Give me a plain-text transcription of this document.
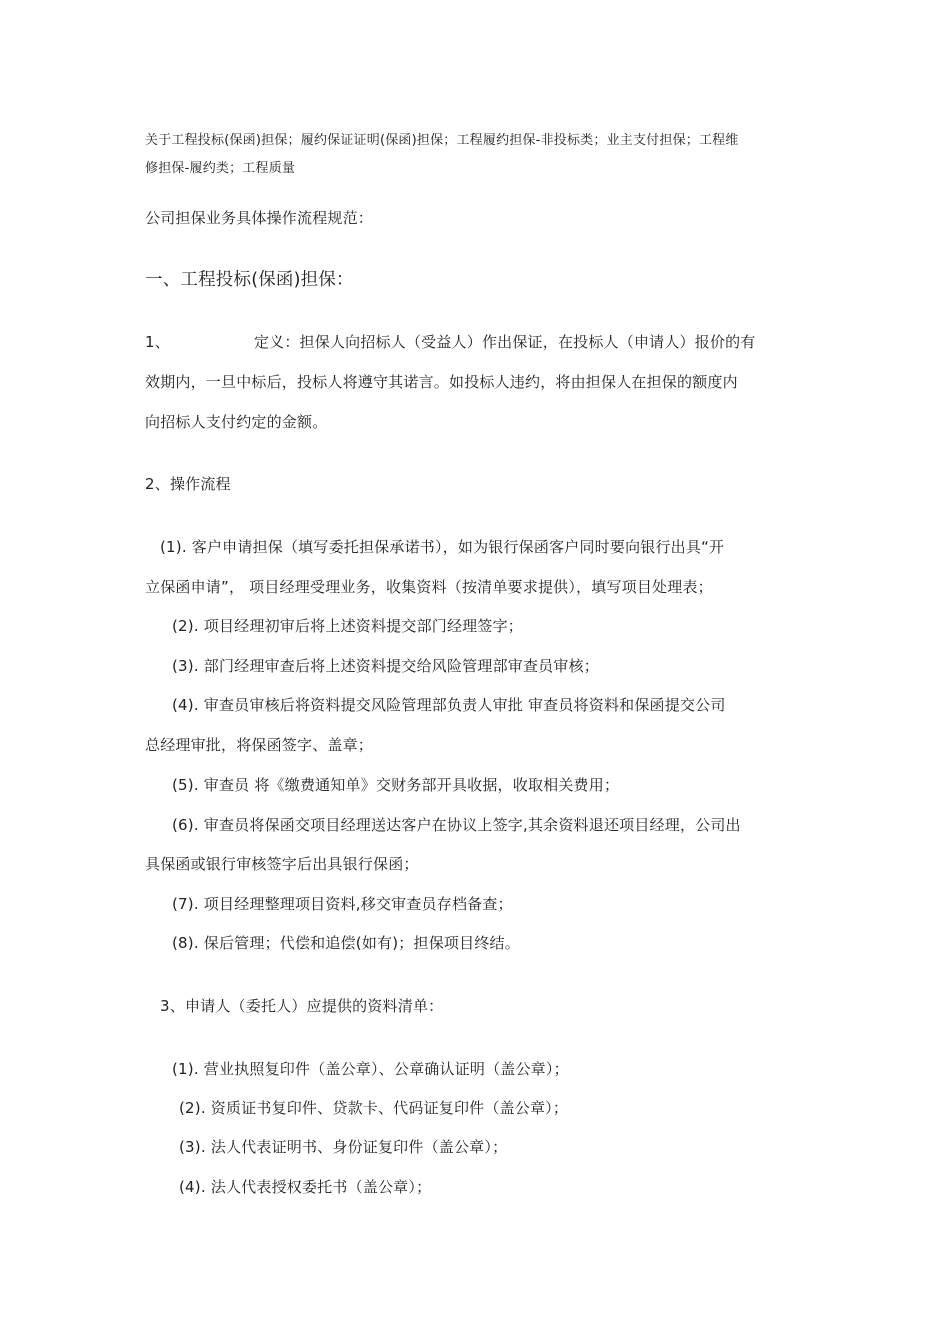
关于工程投标(保函)担保；履约保证证明(保函)担保；工程履约担保-非投标类；业主支付担保；工程维
修担保-履约类；工程质量
公司担保业务具体操作流程规范：
一、工程投标(保函)担保：
1、	定义：担保人向招标人（受益人）作出保证，在投标人（申请人）报价的有
效期内，一旦中标后，投标人将遵守其诺言。如投标人违约，将由担保人在担保的额度内
向招标人支付约定的金额。
2、操作流程
(1). 客户申请担保（填写委托担保承诺书），如为银行保函客户同时要向银行出具“开
立保函申请”， 项目经理受理业务，收集资料（按清单要求提供），填写项目处理表；
(2). 项目经理初审后将上述资料提交部门经理签字；
(3). 部门经理审查后将上述资料提交给风险管理部审查员审核；
(4). 审查员审核后将资料提交风险管理部负责人审批 审查员将资料和保函提交公司
总经理审批，将保函签字、盖章；
(5). 审查员 将《缴费通知单》交财务部开具收据，收取相关费用；
(6). 审查员将保函交项目经理送达客户在协议上签字,其余资料退还项目经理，公司出
具保函或银行审核签字后出具银行保函；
(7). 项目经理整理项目资料,移交审查员存档备查；
(8). 保后管理；代偿和追偿(如有)；担保项目终结。
3、申请人（委托人）应提供的资料清单：
(1). 营业执照复印件（盖公章）、公章确认证明（盖公章）；
(2). 资质证书复印件、贷款卡、代码证复印件（盖公章）；
(3). 法人代表证明书、身份证复印件（盖公章）；
(4). 法人代表授权委托书（盖公章）；
